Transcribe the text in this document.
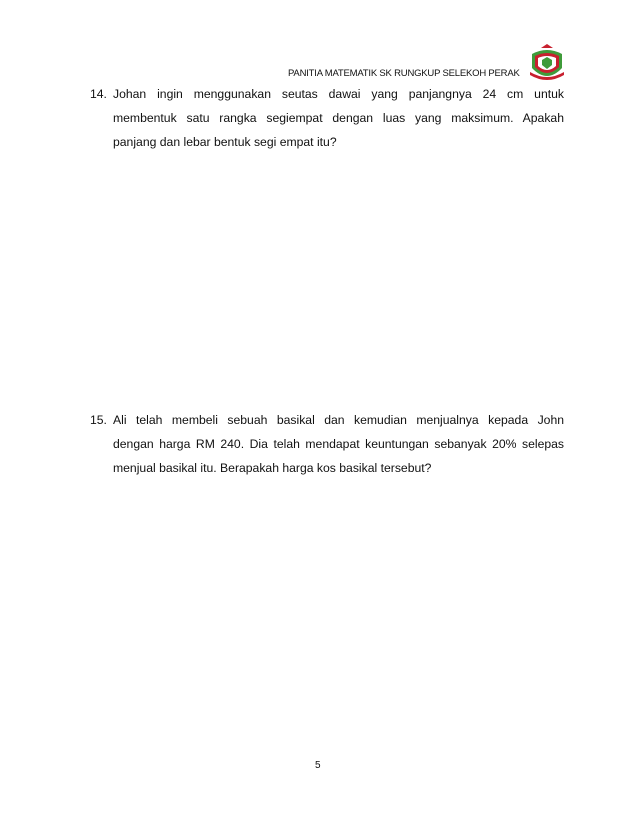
PANITIA MATEMATIK SK RUNGKUP SELEKOH PERAK
14. Johan ingin menggunakan seutas dawai yang panjangnya 24 cm untuk
membentuk satu rangka segiempat dengan luas yang maksimum. Apakah
panjang dan lebar bentuk segi empat itu?
15. Ali telah membeli sebuah basikal dan kemudian menjualnya kepada John
dengan harga RM 240. Dia telah mendapat keuntungan sebanyak 20% selepas
menjual basikal itu. Berapakah harga kos basikal tersebut?
5
